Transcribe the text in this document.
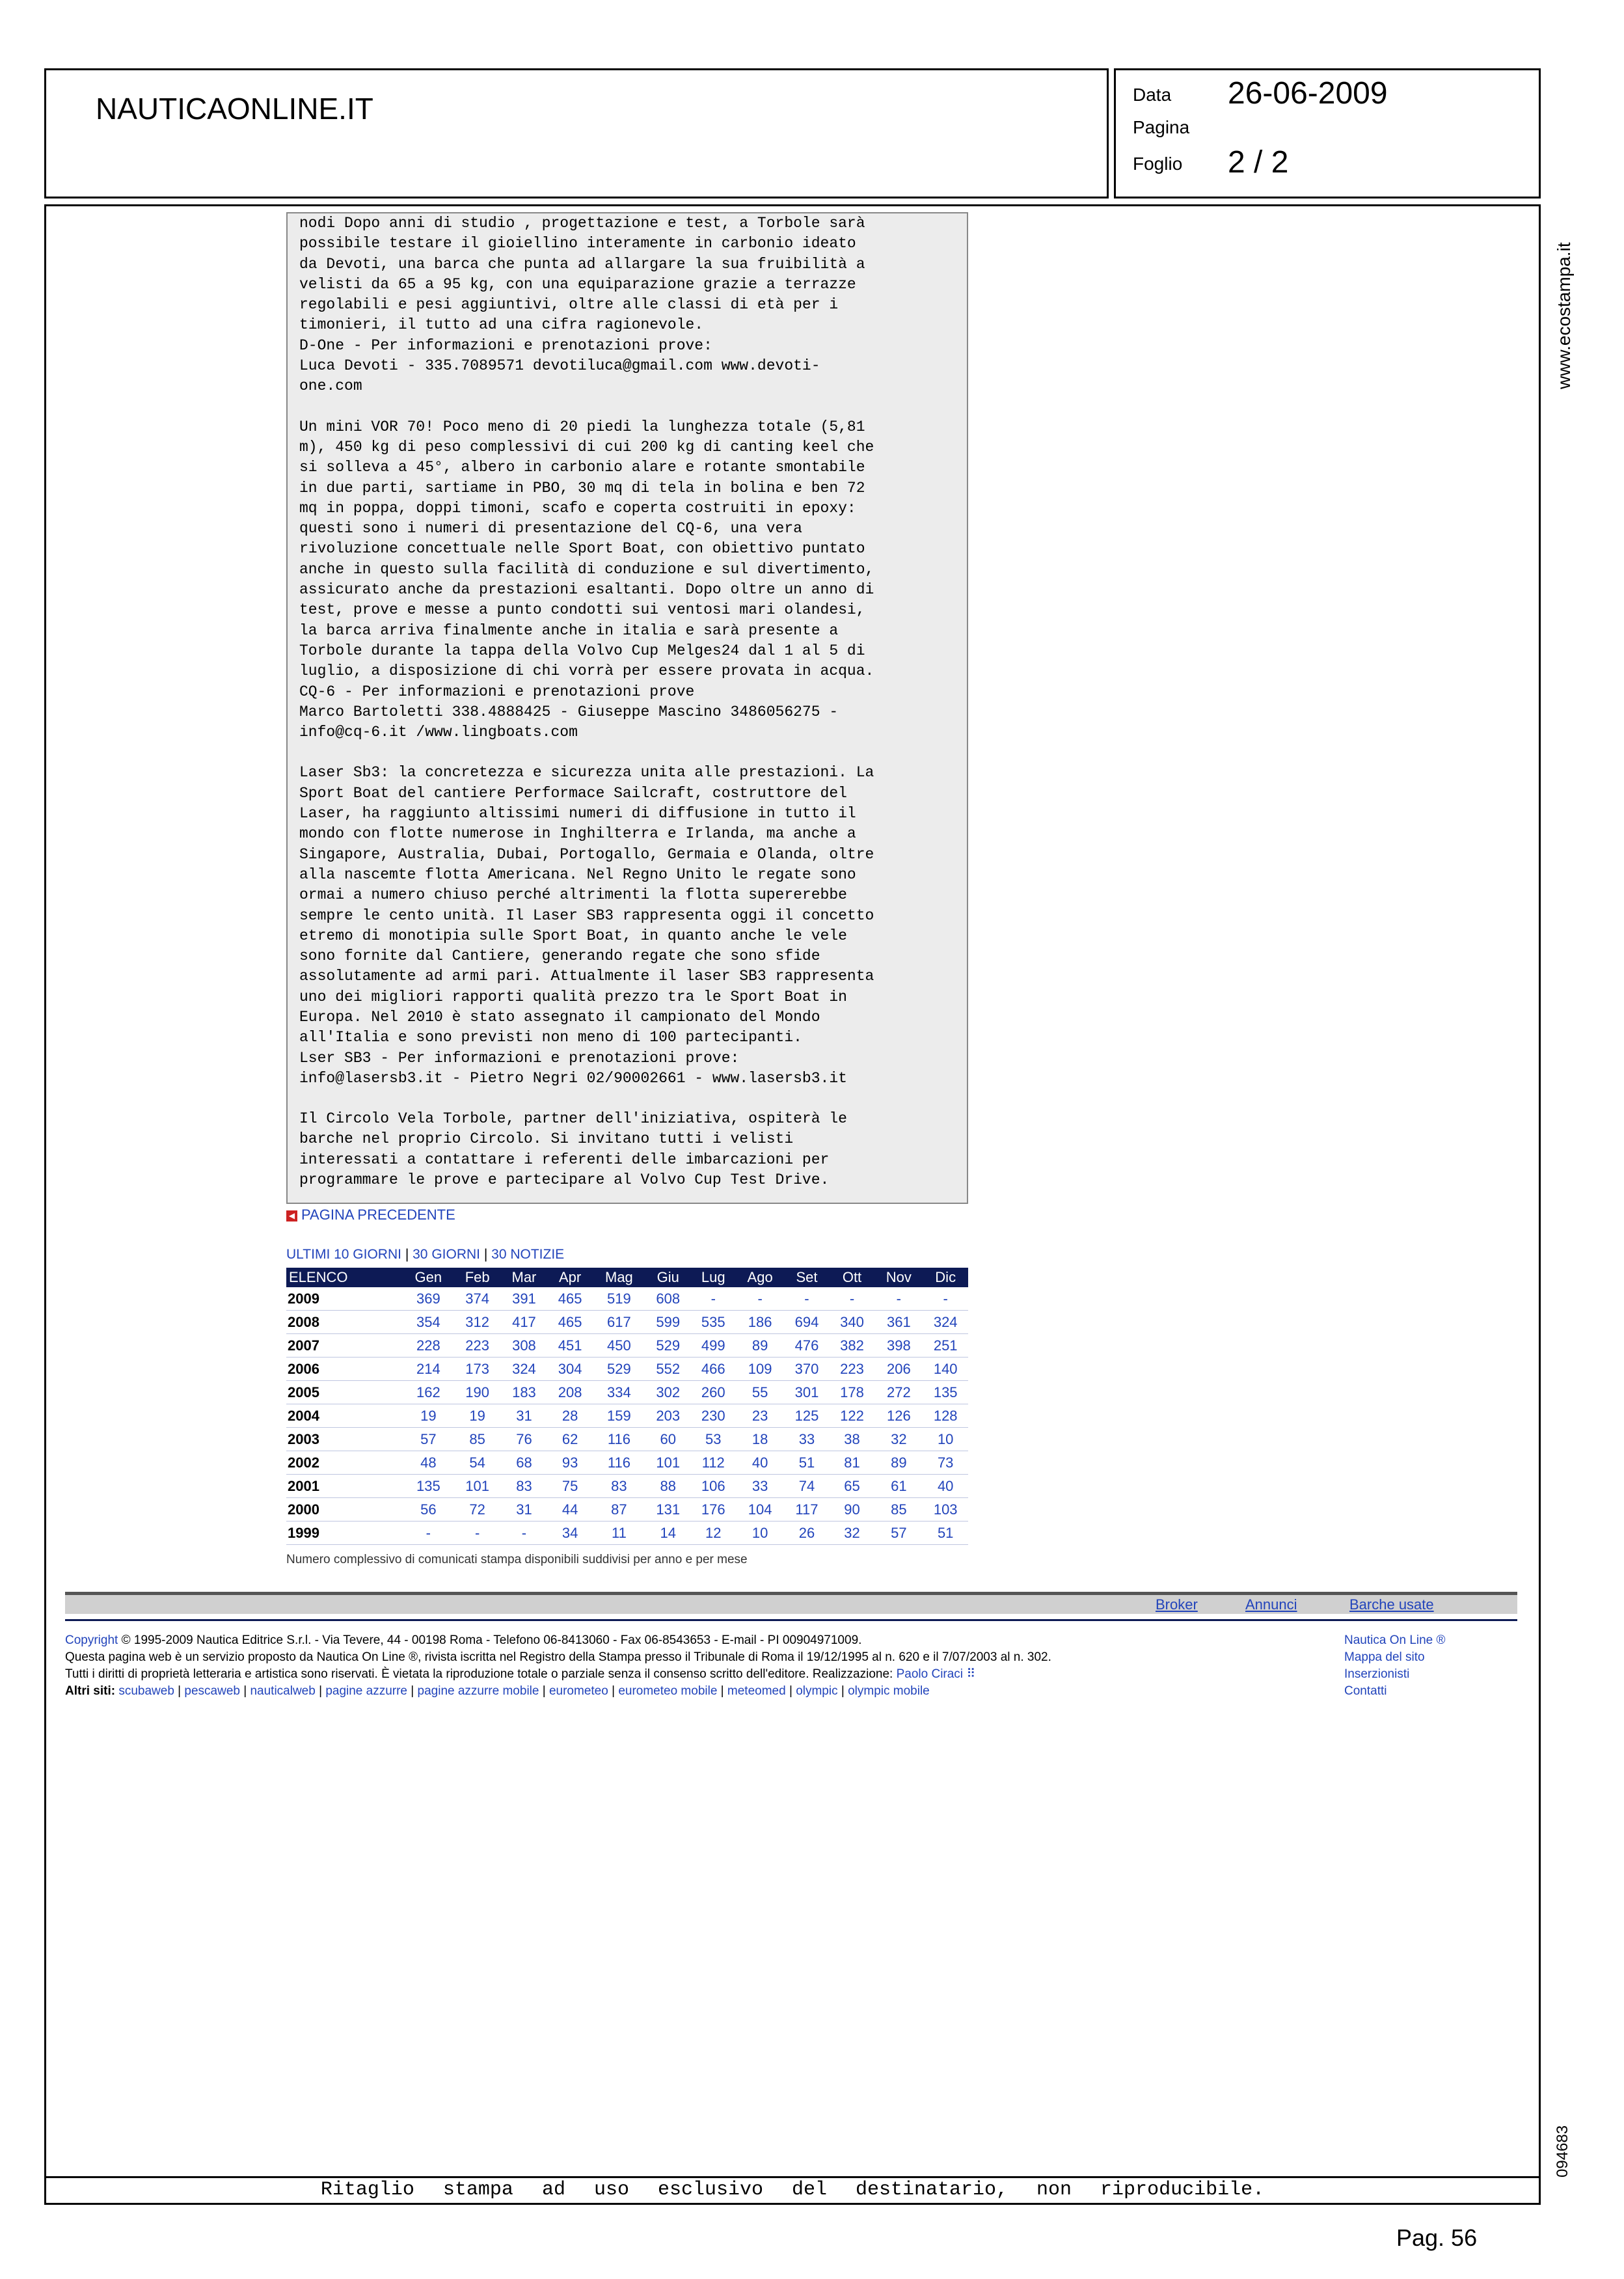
NAUTICAONLINE.IT	Data 26-06-2009
Pagina
Foglio 2 / 2
Ritaglio stampa ad uso esclusivo del destinatario, non riproducibile.
www.ecostampa.it
094683

nodi Dopo anni di studio , progettazione e test, a Torbole sarà
possibile testare il gioiellino interamente in carbonio ideato
da Devoti, una barca che punta ad allargare la sua fruibilità a
velisti da 65 a 95 kg, con una equiparazione grazie a terrazze
regolabili e pesi aggiuntivi, oltre alle classi di età per i
timonieri, il tutto ad una cifra ragionevole.
D-One - Per informazioni e prenotazioni prove:
Luca Devoti - 335.7089571 devotiluca@gmail.com www.devoti-
one.com

Un mini VOR 70! Poco meno di 20 piedi la lunghezza totale (5,81
m), 450 kg di peso complessivi di cui 200 kg di canting keel che
si solleva a 45°, albero in carbonio alare e rotante smontabile
in due parti, sartiame in PBO, 30 mq di tela in bolina e ben 72
mq in poppa, doppi timoni, scafo e coperta costruiti in epoxy:
questi sono i numeri di presentazione del CQ-6, una vera
rivoluzione concettuale nelle Sport Boat, con obiettivo puntato
anche in questo sulla facilità di conduzione e sul divertimento,
assicurato anche da prestazioni esaltanti. Dopo oltre un anno di
test, prove e messe a punto condotti sui ventosi mari olandesi,
la barca arriva finalmente anche in italia e sarà presente a
Torbole durante la tappa della Volvo Cup Melges24 dal 1 al 5 di
luglio, a disposizione di chi vorrà per essere provata in acqua.
CQ-6 - Per informazioni e prenotazioni prove
Marco Bartoletti 338.4888425 - Giuseppe Mascino 3486056275 -
info@cq-6.it /www.lingboats.com

Laser Sb3: la concretezza e sicurezza unita alle prestazioni. La
Sport Boat del cantiere Performace Sailcraft, costruttore del
Laser, ha raggiunto altissimi numeri di diffusione in tutto il
mondo con flotte numerose in Inghilterra e Irlanda, ma anche a
Singapore, Australia, Dubai, Portogallo, Germaia e Olanda, oltre
alla nascemte flotta Americana. Nel Regno Unito le regate sono
ormai a numero chiuso perché altrimenti la flotta supererebbe
sempre le cento unità. Il Laser SB3 rappresenta oggi il concetto
etremo di monotipia sulle Sport Boat, in quanto anche le vele
sono fornite dal Cantiere, generando regate che sono sfide
assolutamente ad armi pari. Attualmente il laser SB3 rappresenta
uno dei migliori rapporti qualità prezzo tra le Sport Boat in
Europa. Nel 2010 è stato assegnato il campionato del Mondo
all'Italia e sono previsti non meno di 100 partecipanti.
Lser SB3 - Per informazioni e prenotazioni prove:
info@lasersb3.it - Pietro Negri 02/90002661 - www.lasersb3.it

Il Circolo Vela Torbole, partner dell'iniziativa, ospiterà le
barche nel proprio Circolo. Si invitano tutti i velisti
interessati a contattare i referenti delle imbarcazioni per
programmare le prove e partecipare al Volvo Cup Test Drive.

◀ PAGINA PRECEDENTE
ULTIMI 10 GIORNI | 30 GIORNI | 30 NOTIZIE
ELENCO	Gen	Feb	Mar	Apr	Mag	Giu	Lug	Ago	Set	Ott	Nov	Dic
2009	369	374	391	465	519	608	-	-	-	-	-	-
2008	354	312	417	465	617	599	535	186	694	340	361	324
2007	228	223	308	451	450	529	499	89	476	382	398	251
2006	214	173	324	304	529	552	466	109	370	223	206	140
2005	162	190	183	208	334	302	260	55	301	178	272	135
2004	19	19	31	28	159	203	230	23	125	122	126	128
2003	57	85	76	62	116	60	53	18	33	38	32	10
2002	48	54	68	93	116	101	112	40	51	81	89	73
2001	135	101	83	75	83	88	106	33	74	65	61	40
2000	56	72	31	44	87	131	176	104	117	90	85	103
1999	-	-	-	34	11	14	12	10	26	32	57	51
Numero complessivo di comunicati stampa disponibili suddivisi per anno e per mese
Broker	Annunci	Barche usate
Copyright © 1995-2009 Nautica Editrice S.r.l. - Via Tevere, 44 - 00198 Roma - Telefono 06-8413060 - Fax 06-8543653 - E-mail - PI 00904971009.
Questa pagina web è un servizio proposto da Nautica On Line ®, rivista iscritta nel Registro della Stampa presso il Tribunale di Roma il 19/12/1995 al n. 620 e il 7/07/2003 al n. 302.
Tutti i diritti di proprietà letteraria e artistica sono riservati. È vietata la riproduzione totale o parziale senza il consenso scritto dell'editore. Realizzazione: Paolo Ciraci ⠿
Altri siti: scubaweb | pescaweb | nauticalweb | pagine azzurre | pagine azzurre mobile | eurometeo | eurometeo mobile | meteomed | olympic | olympic mobile
Nautica On Line ®
Mappa del sito
Inserzionisti
Contatti
Pag. 56
